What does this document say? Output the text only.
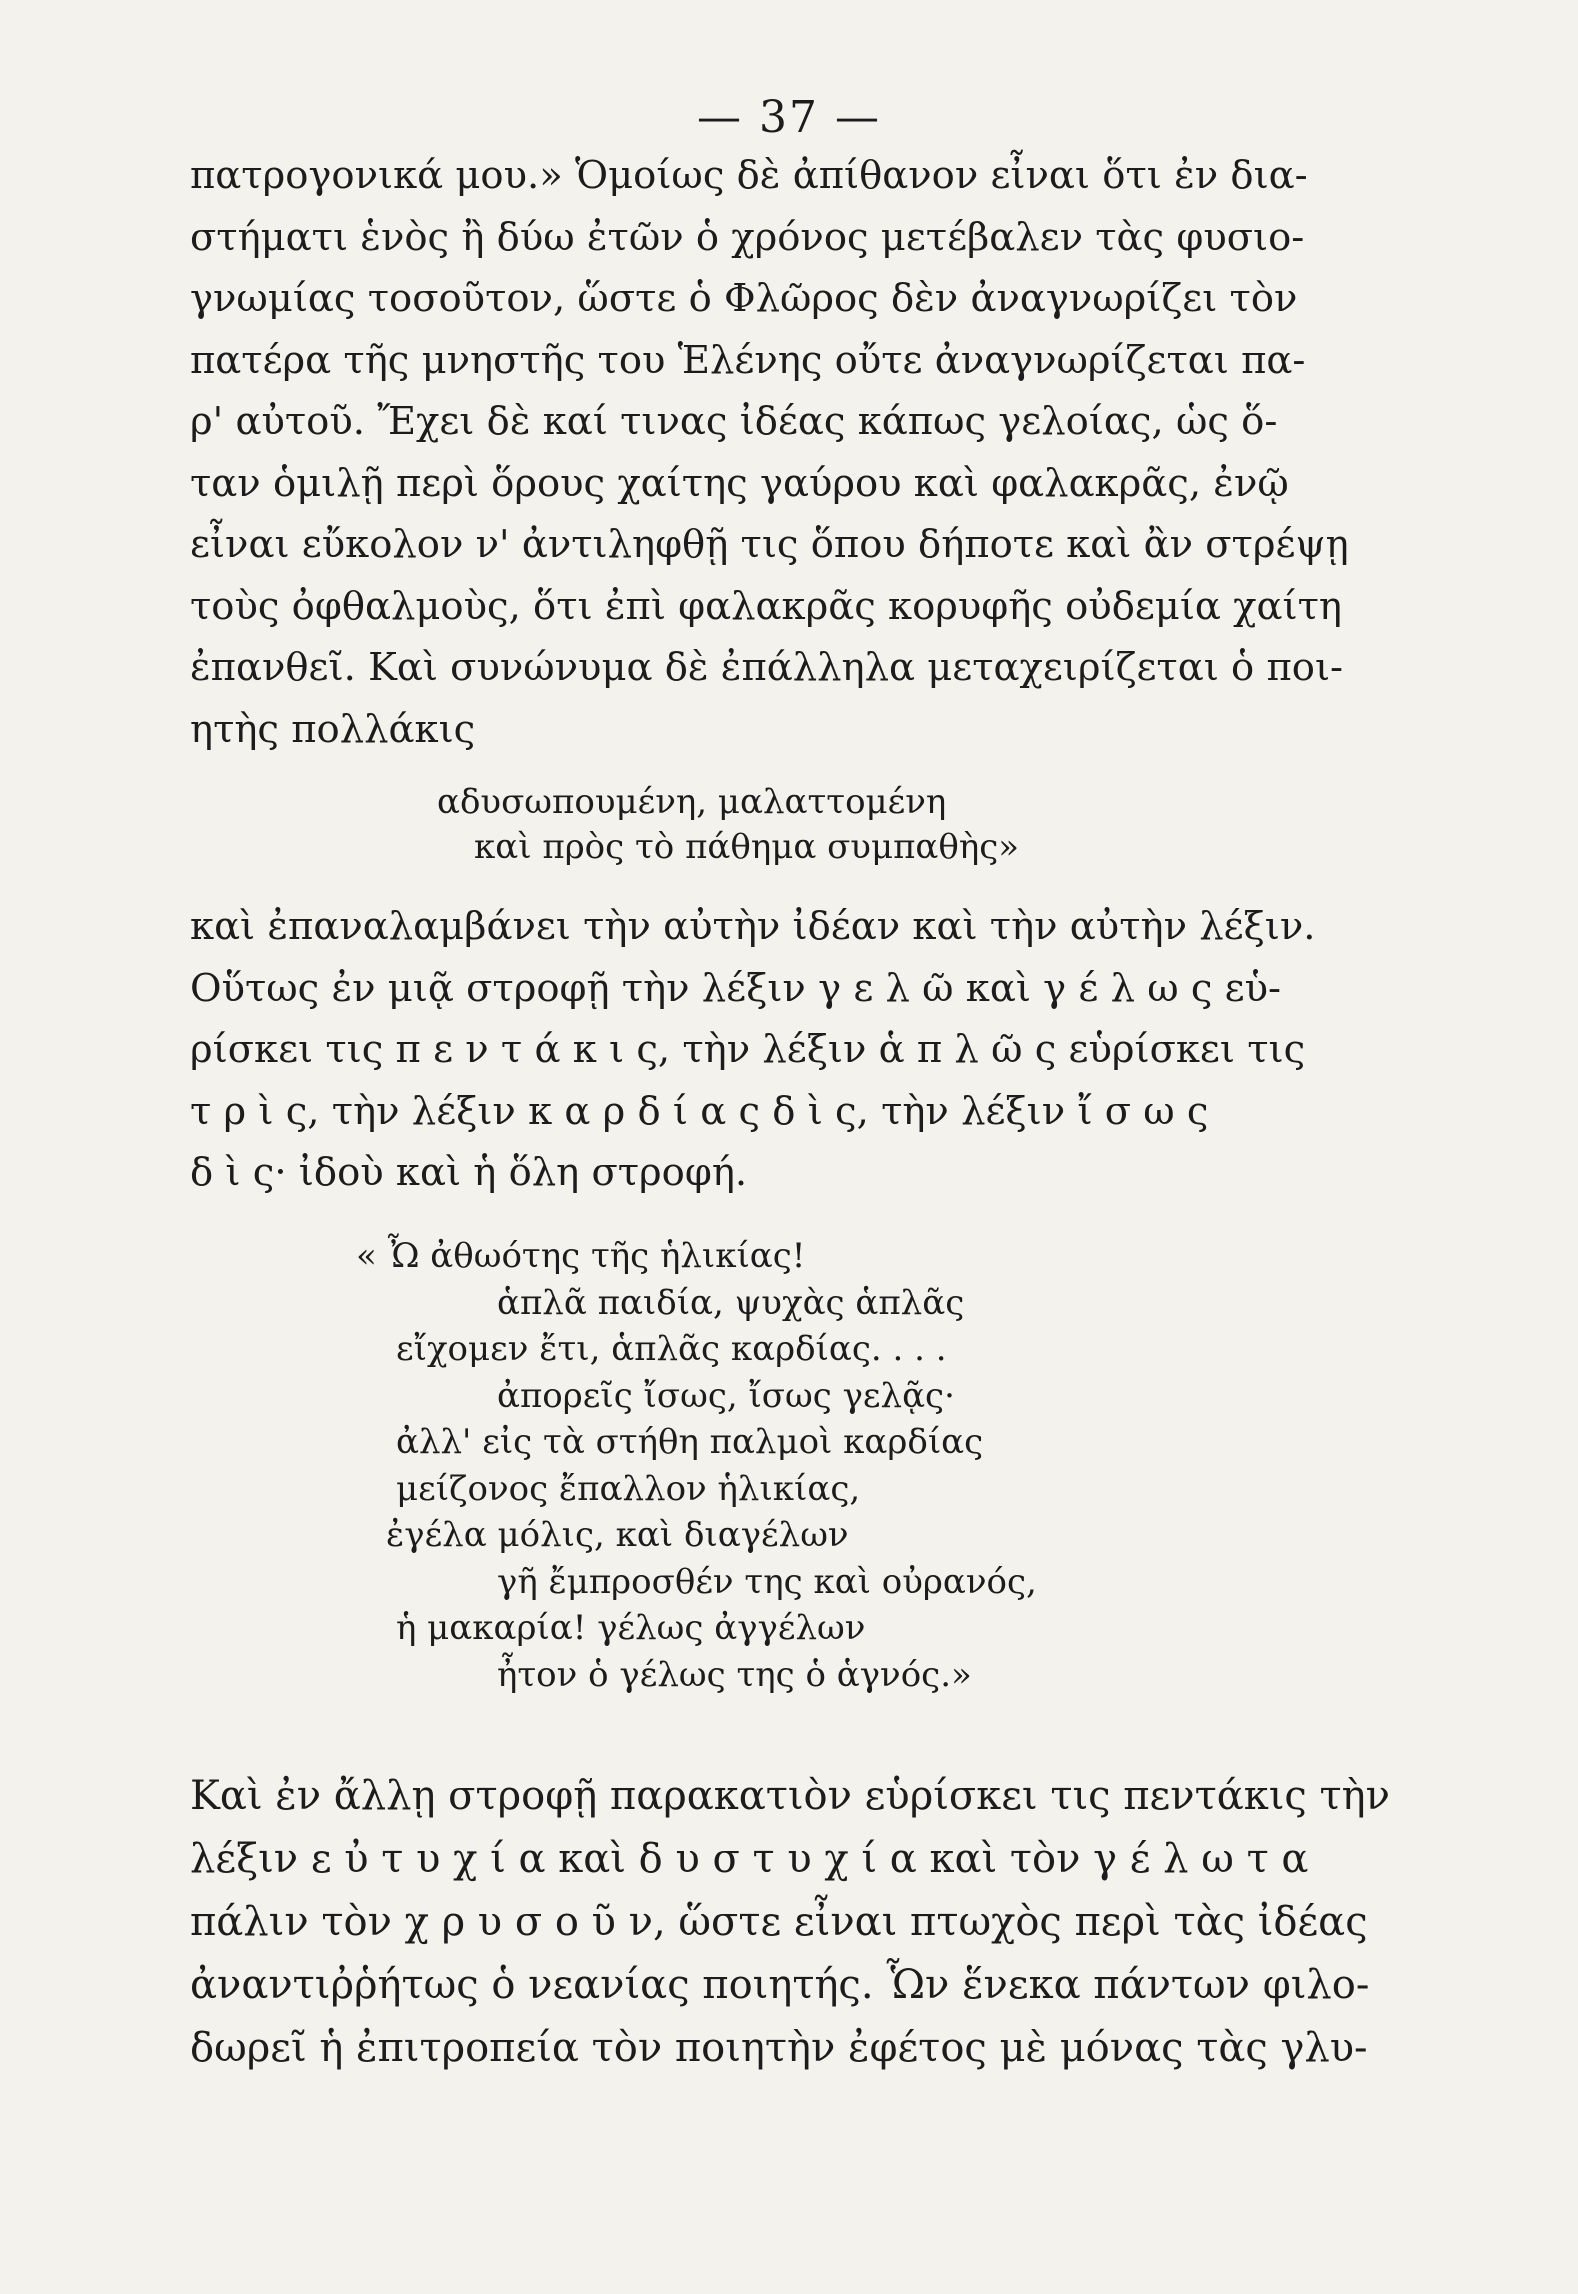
— 37 —
πατρογονικά μου.» Ὁμοίως δὲ ἀπίθανον εἶναι ὅτι ἐν δια-
στήματι ἑνὸς ἢ δύω ἐτῶν ὁ χρόνος μετέβαλεν τὰς φυσιο-
γνωμίας τοσοῦτον, ὥστε ὁ Φλῶρος δὲν ἀναγνωρίζει τὸν
πατέρα τῆς μνηστῆς του Ἑλένης οὔτε ἀναγνωρίζεται πα-
ρ' αὐτοῦ. Ἔχει δὲ καί τινας ἰδέας κάπως γελοίας, ὡς ὅ-
ταν ὁμιλῇ περὶ ὅρους χαίτης γαύρου καὶ φαλακρᾶς, ἐνῷ
εἶναι εὔκολον ν' ἀντιληφθῇ τις ὅπου δήποτε καὶ ἂν στρέψῃ
τοὺς ὀφθαλμοὺς, ὅτι ἐπὶ φαλακρᾶς κορυφῆς οὐδεμία χαίτη
ἐπανθεῖ. Καὶ συνώνυμα δὲ ἐπάλληλα μεταχειρίζεται ὁ ποι-
ητὴς πολλάκις
αδυσωπουμένη, μαλαττομένη
καὶ πρὸς τὸ πάθημα συμπαθὴς»
καὶ ἐπαναλαμβάνει τὴν αὐτὴν ἰδέαν καὶ τὴν αὐτὴν λέξιν.
Οὕτως ἐν μιᾷ στροφῇ τὴν λέξιν γ ε λ ῶ καὶ γ έ λ ω ς εὑ-
ρίσκει τις π ε ν τ ά κ ι ς, τὴν λέξιν ἁ π λ ῶ ς εὑρίσκει τις
τ ρ ὶ ς, τὴν λέξιν κ α ρ δ ί α ς δ ὶ ς, τὴν λέξιν ἴ σ ω ς
δ ὶ ς· ἰδοὺ καὶ ἡ ὅλη στροφή.
« Ὦ ἀθωότης τῆς ἡλικίας!
ἁπλᾶ παιδία, ψυχὰς ἁπλᾶς
εἴχομεν ἔτι, ἁπλᾶς καρδίας. . . .
ἀπορεῖς ἴσως, ἴσως γελᾷς·
ἀλλ' εἰς τὰ στήθη παλμοὶ καρδίας
μείζονος ἔπαλλον ἡλικίας,
ἐγέλα μόλις, καὶ διαγέλων
γῆ ἔμπροσθέν της καὶ οὐρανός,
ἡ μακαρία! γέλως ἀγγέλων
ἦτον ὁ γέλως της ὁ ἁγνός.»
Καὶ ἐν ἄλλῃ στροφῇ παρακατιὸν εὑρίσκει τις πεντάκις τὴν
λέξιν ε ὐ τ υ χ ί α καὶ δ υ σ τ υ χ ί α καὶ τὸν γ έ λ ω τ α
πάλιν τὸν χ ρ υ σ ο ῦ ν, ὥστε εἶναι πτωχὸς περὶ τὰς ἰδέας
ἀναντιῤῥήτως ὁ νεανίας ποιητής. Ὧν ἕνεκα πάντων φιλο-
δωρεῖ ἡ ἐπιτροπεία τὸν ποιητὴν ἐφέτος μὲ μόνας τὰς γλυ-
